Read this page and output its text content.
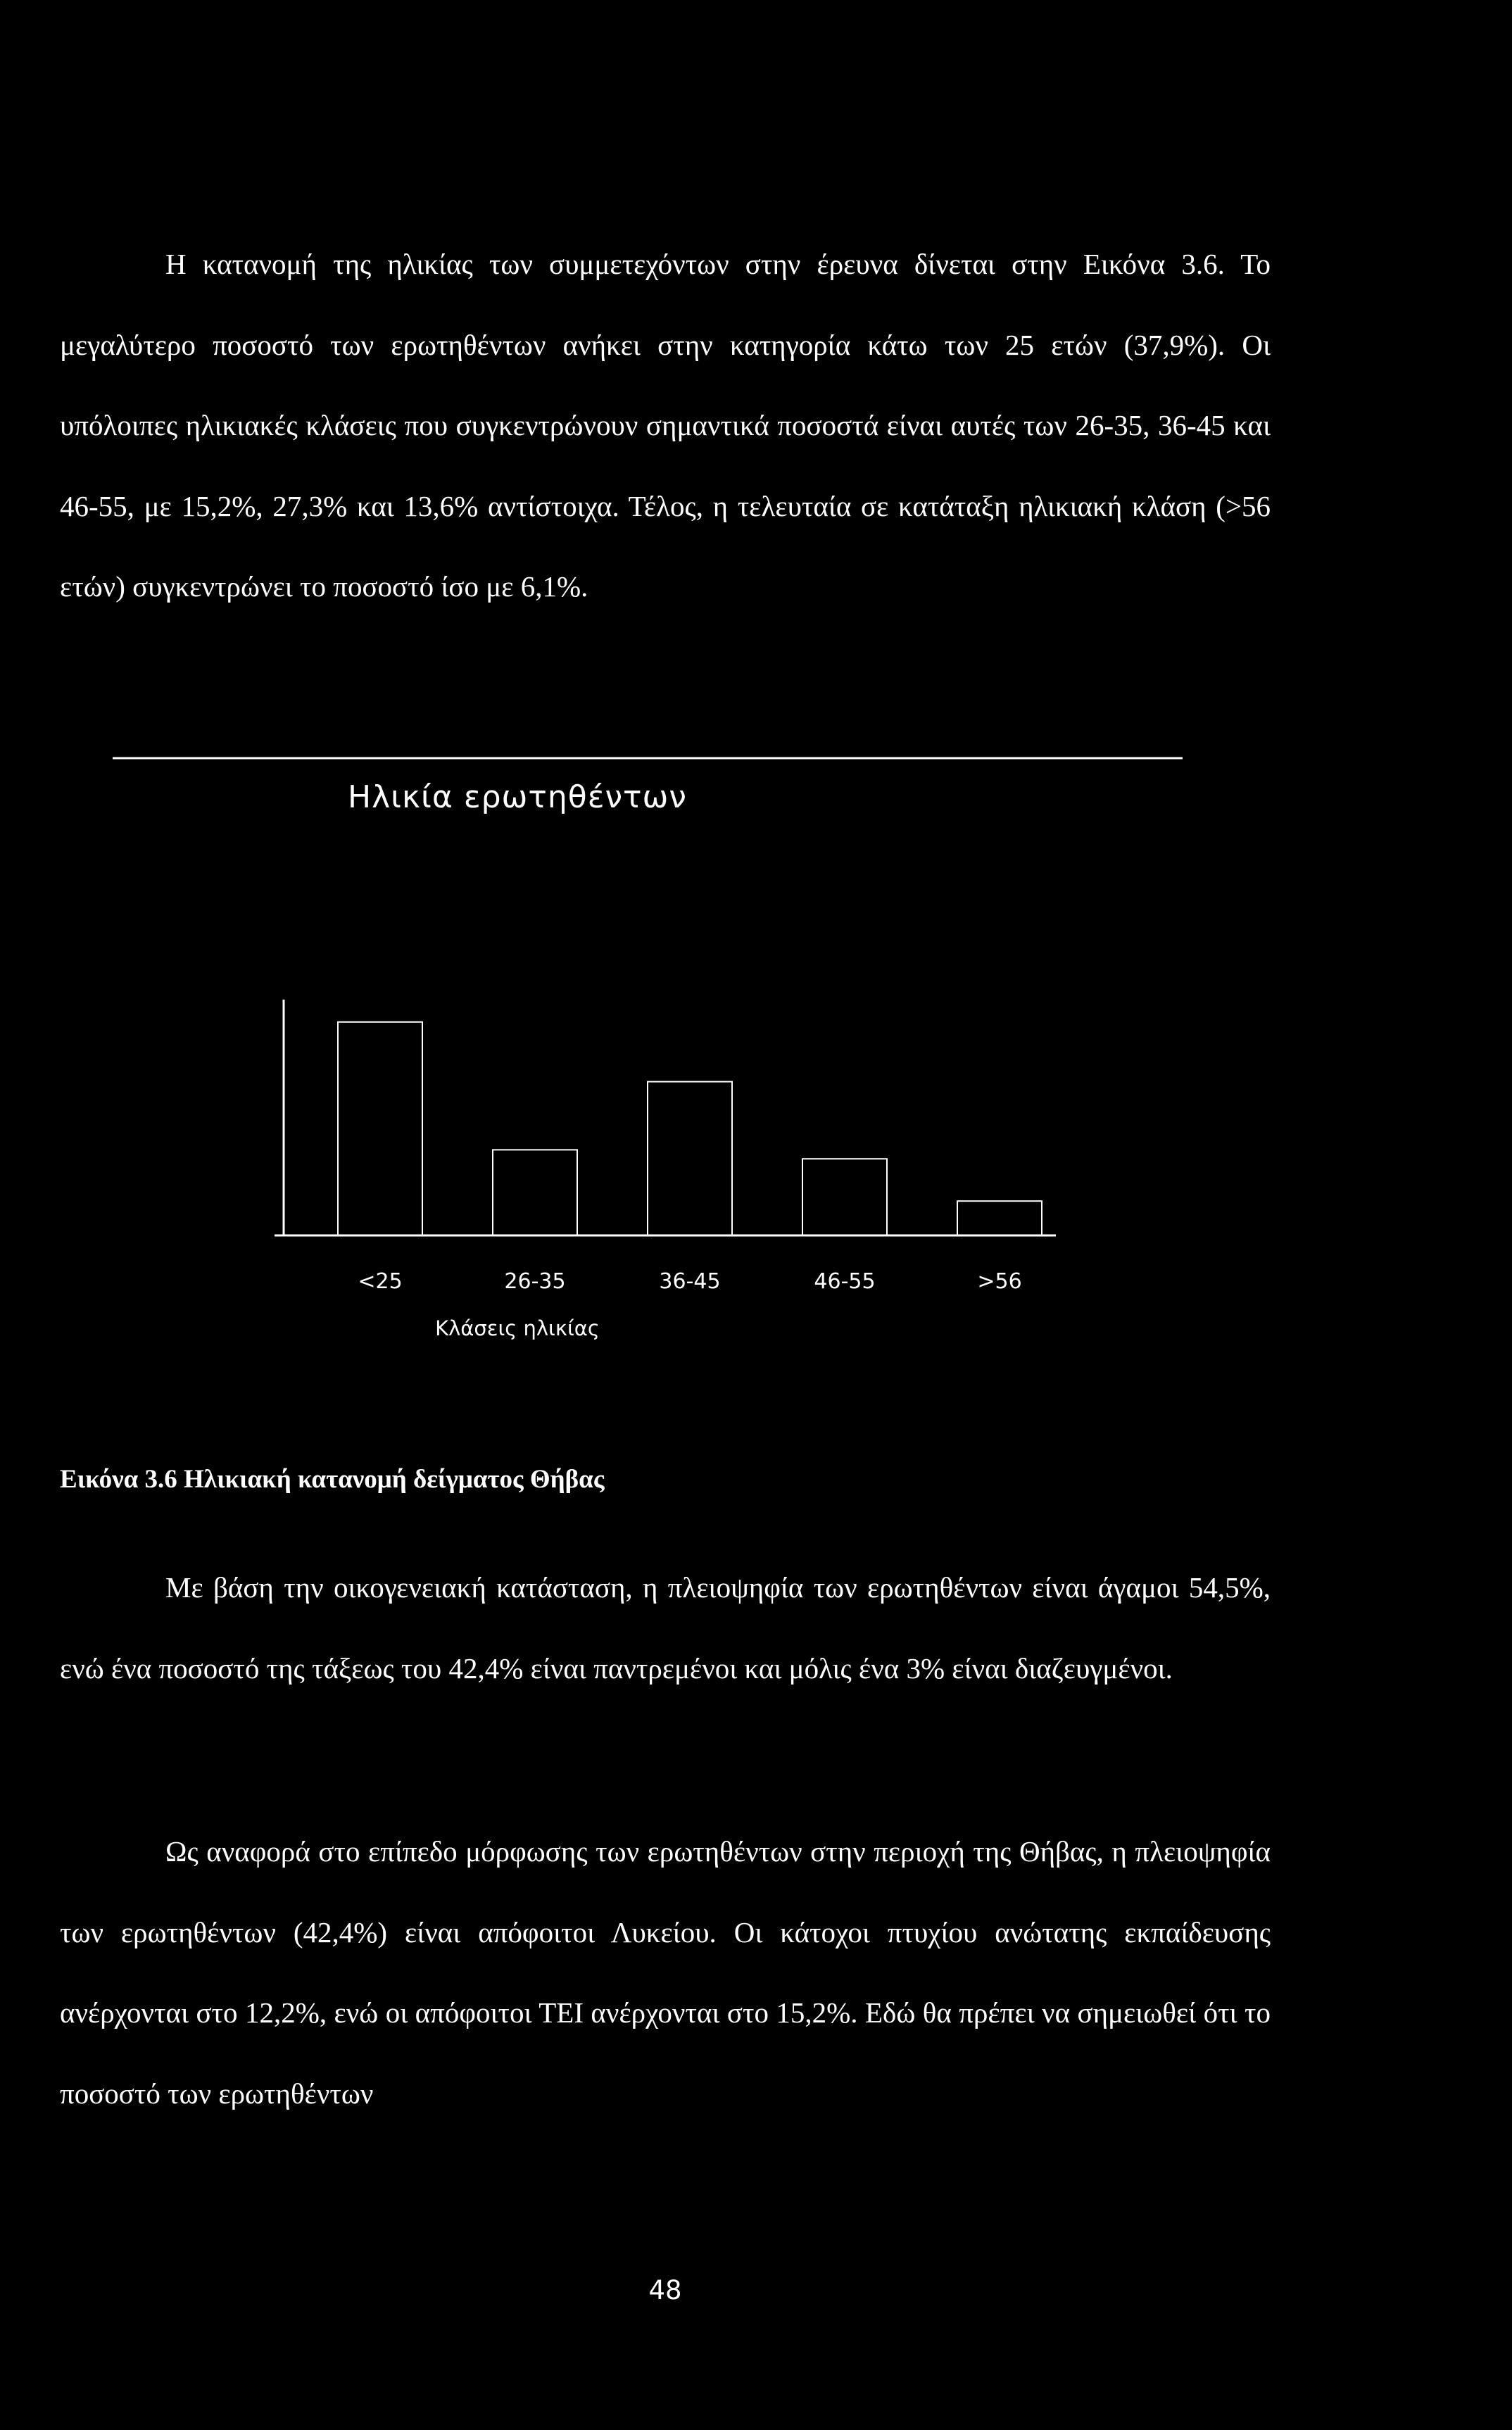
Η κατανομή της ηλικίας των συμμετεχόντων στην έρευνα δίνεται στην Εικόνα 3.6. Το μεγαλύτερο ποσοστό των ερωτηθέντων ανήκει στην κατηγορία κάτω των 25 ετών (37,9%). Οι υπόλοιπες ηλικιακές κλάσεις που συγκεντρώνουν σημαντικά ποσοστά είναι αυτές των 26-35, 36-45 και 46-55, με 15,2%, 27,3% και 13,6% αντίστοιχα. Τέλος, η τελευταία σε κατάταξη ηλικιακή κλάση (>56 ετών) συγκεντρώνει το ποσοστό ίσο με 6,1%.

<25	26-35	36-45	46-55	>56
Ηλικία ερωτηθέντων
Κλάσεις ηλικίας

Εικόνα 3.6 Ηλικιακή κατανομή δείγματος Θήβας

Με βάση την οικογενειακή κατάσταση, η πλειοψηφία των ερωτηθέντων είναι άγαμοι 54,5%, ενώ ένα ποσοστό της τάξεως του 42,4% είναι παντρεμένοι και μόλις ένα 3% είναι διαζευγμένοι.

Ως αναφορά στο επίπεδο μόρφωσης των ερωτηθέντων στην περιοχή της Θήβας, η πλειοψηφία των ερωτηθέντων (42,4%) είναι απόφοιτοι Λυκείου. Οι κάτοχοι πτυχίου ανώτατης εκπαίδευσης ανέρχονται στο 12,2%, ενώ οι απόφοιτοι ΤΕΙ ανέρχονται στο 15,2%. Εδώ θα πρέπει να σημειωθεί ότι το ποσοστό των ερωτηθέντων

48
